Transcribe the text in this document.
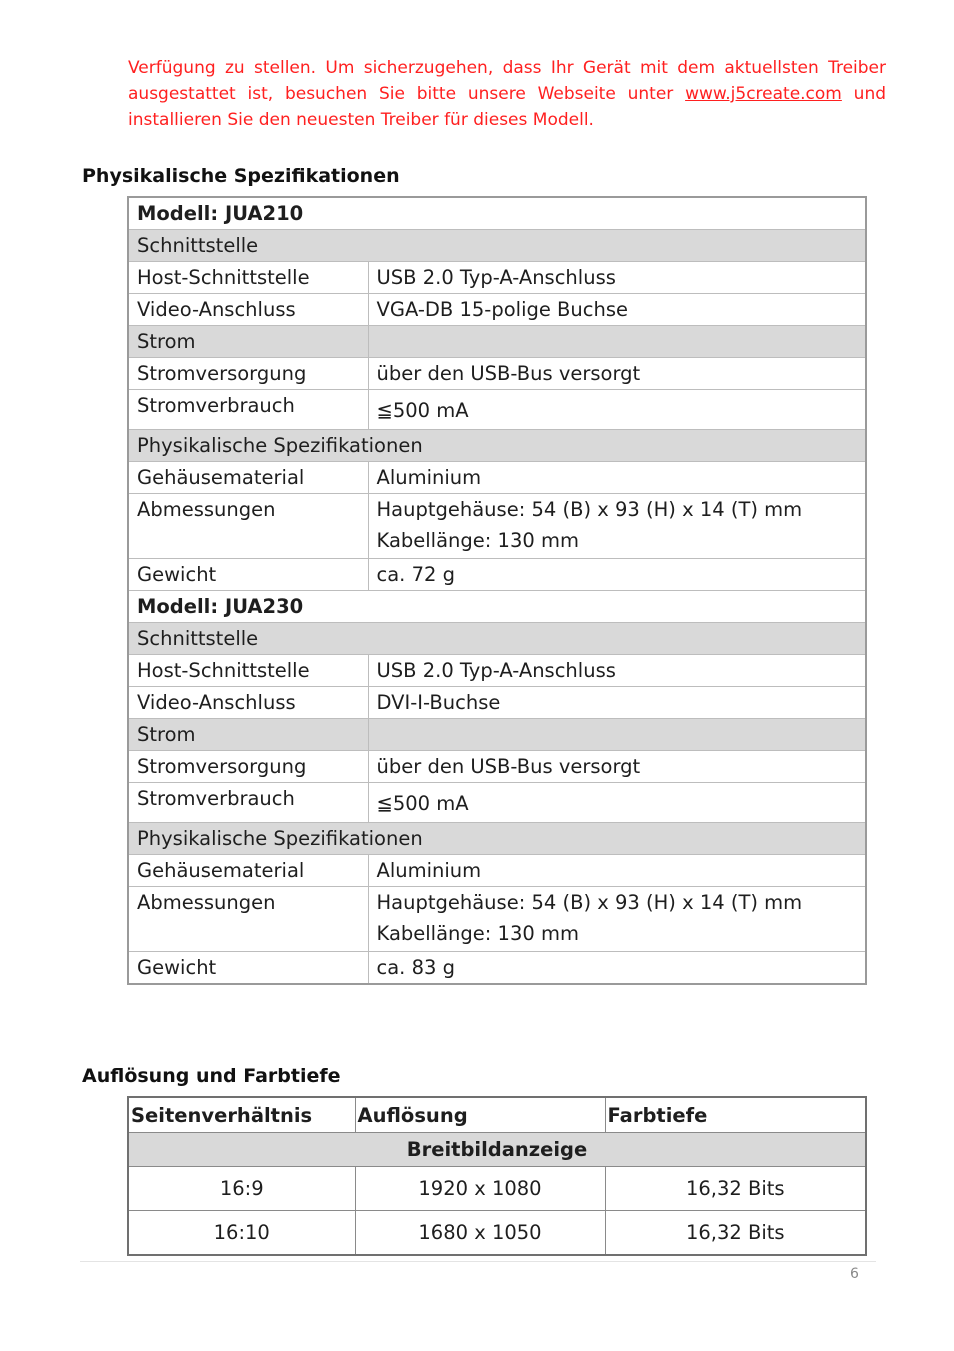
Verfügung zu stellen. Um sicherzugehen, dass Ihr Gerät mit dem aktuellsten Treiber ausgestattet ist, besuchen Sie bitte unsere Webseite unter www.j5create.com und installieren Sie den neuesten Treiber für dieses Modell.

Physikalische Spezifikationen
Modell: JUA210	
Schnittstelle	
Host-Schnittstelle	USB 2.0 Typ-A-Anschluss
Video-Anschluss	VGA-DB 15-polige Buchse
Strom	
Stromversorgung	über den USB-Bus versorgt
Stromverbrauch	≦500 mA
Physikalische Spezifikationen	
Gehäusematerial	Aluminium
Abmessungen	Hauptgehäuse: 54 (B) x 93 (H) x 14 (T) mm
Kabellänge: 130 mm

Gewicht	ca. 72 g
Modell: JUA230	
Schnittstelle	
Host-Schnittstelle	USB 2.0 Typ-A-Anschluss
Video-Anschluss	DVI-I-Buchse
Strom	
Stromversorgung	über den USB-Bus versorgt
Stromverbrauch	≦500 mA
Physikalische Spezifikationen	
Gehäusematerial	Aluminium
Abmessungen	Hauptgehäuse: 54 (B) x 93 (H) x 14 (T) mm
Kabellänge: 130 mm

Gewicht	ca. 83 g
Auflösung und Farbtiefe
Seitenverhältnis	Auflösung	Farbtiefe
Breitbildanzeige		
16:9	1920 x 1080	16,32 Bits
16:10	1680 x 1050	16,32 Bits
6
